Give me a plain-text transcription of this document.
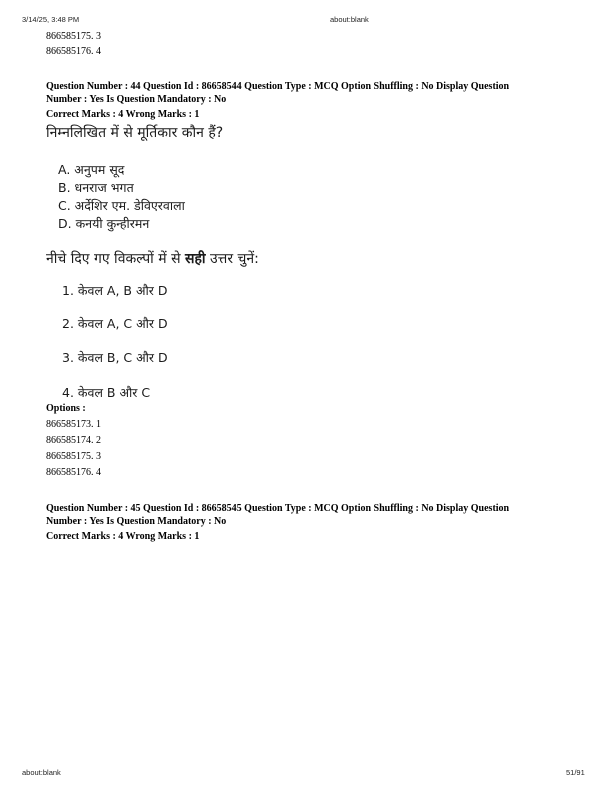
3/14/25, 3:48 PM	about:blank
866585175. 3
866585176. 4
Question Number : 44 Question Id : 86658544 Question Type : MCQ Option Shuffling : No Display Question
Number : Yes Is Question Mandatory : No
Correct Marks : 4 Wrong Marks : 1
निम्नलिखित में से मूर्तिकार कौन हैं?
A. अनुपम सूद
B. धनराज भगत
C. अर्देशिर एम. डेविएरवाला
D. कनयी कुन्हीरमन
नीचे दिए गए विकल्पों में से सही उत्तर चुनें:
1. केवल A, B और D
2. केवल A, C और D
3. केवल B, C और D
4. केवल B और C
Options :
866585173. 1
866585174. 2
866585175. 3
866585176. 4
Question Number : 45 Question Id : 86658545 Question Type : MCQ Option Shuffling : No Display Question
Number : Yes Is Question Mandatory : No
Correct Marks : 4 Wrong Marks : 1
about:blank	51/91
